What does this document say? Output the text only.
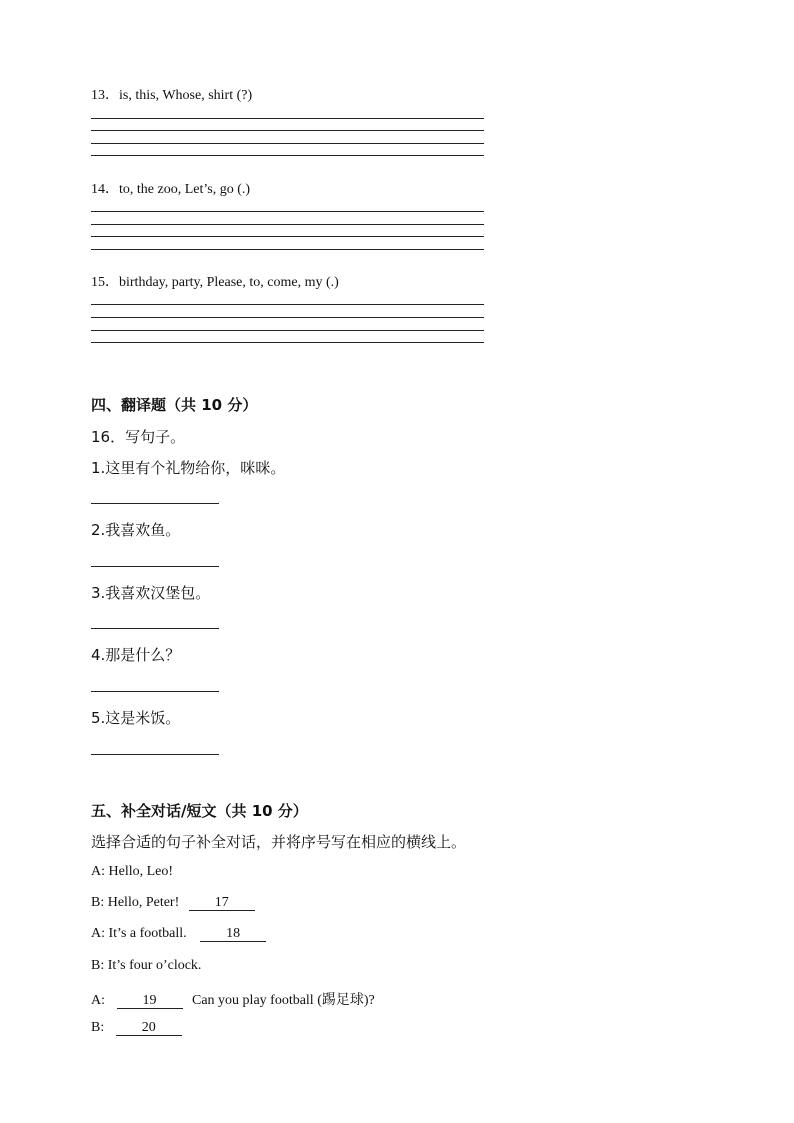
13．is, this, Whose, shirt (?)
14．to, the zoo, Let’s, go (.)
15．birthday, party, Please, to, come, my (.)
四、翻译题（共 10 分）
16．写句子。
1.这里有个礼物给你，咪咪。
2.我喜欢鱼。
3.我喜欢汉堡包。
4.那是什么？
5.这是米饭。
五、补全对话/短文（共 10 分）
选择合适的句子补全对话，并将序号写在相应的横线上。
A: Hello, Leo!
B: Hello, Peter!	17
A: It’s a football.	18
B: It’s four o’clock.
A:	19	Can you play football (踢足球)?
B:	20
